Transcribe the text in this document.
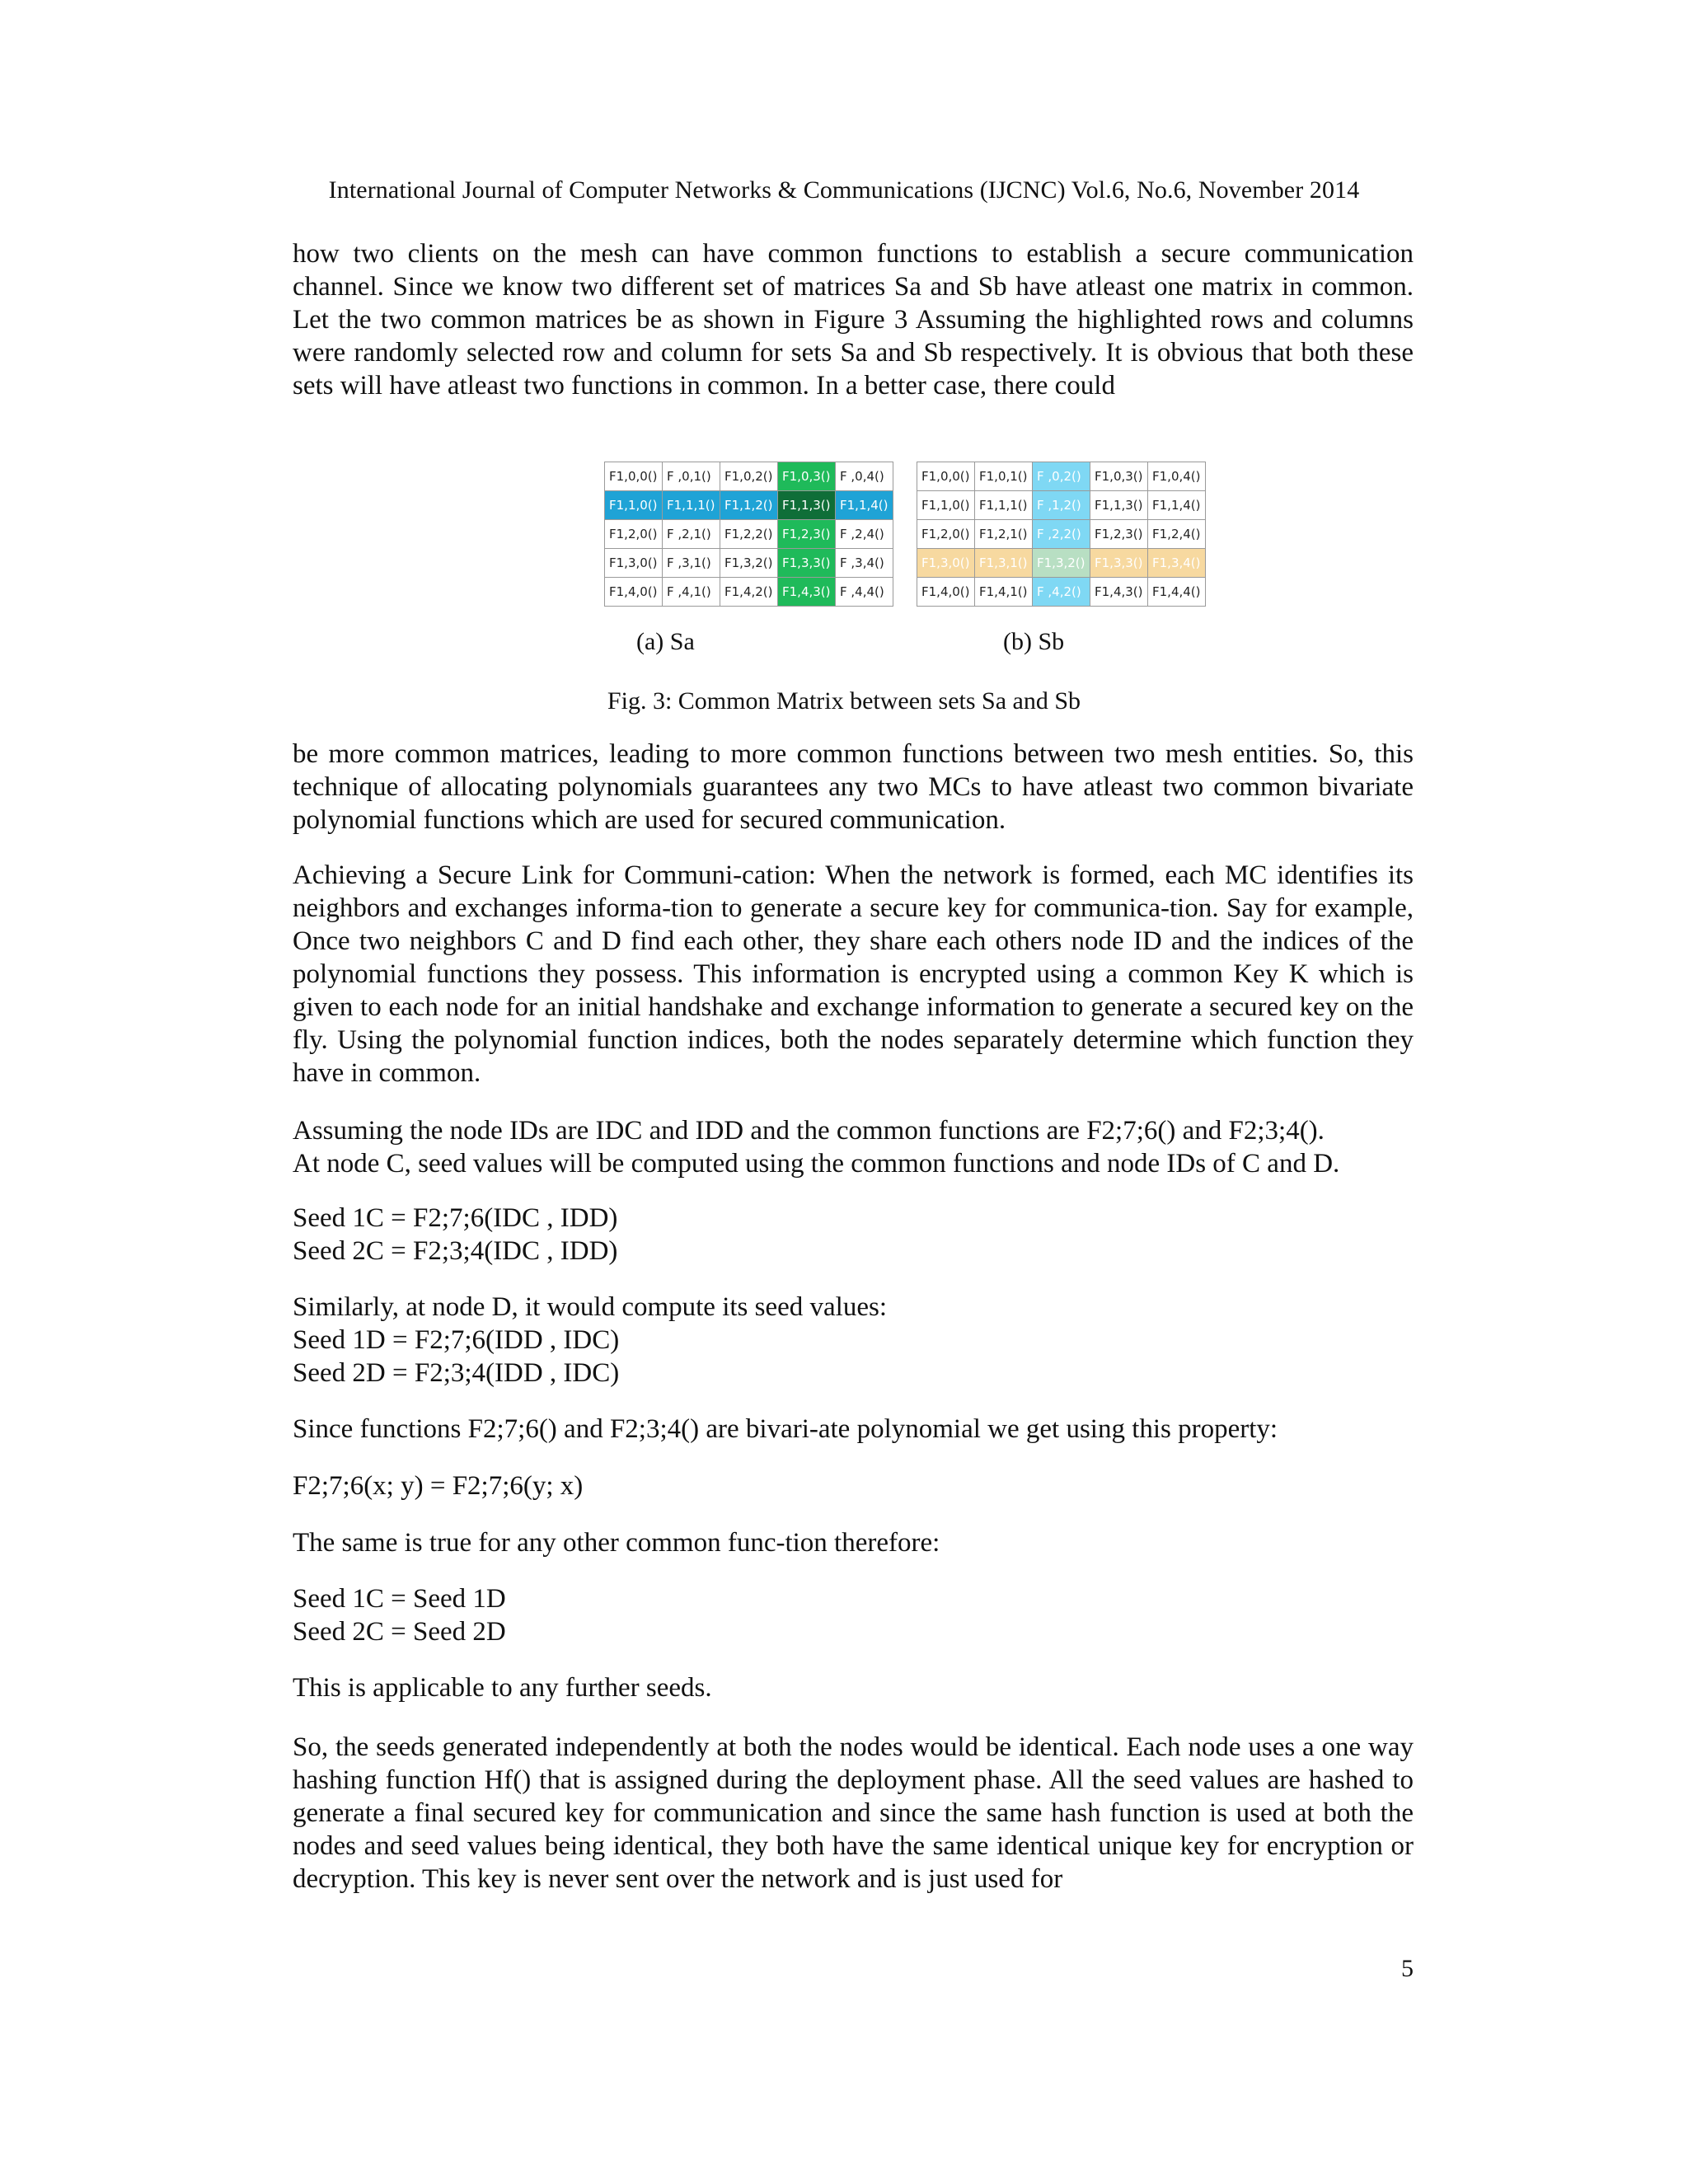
International Journal of Computer Networks & Communications (IJCNC) Vol.6, No.6, November 2014
how two clients on the mesh can have common functions to establish a secure communication channel. Since we know two different set of matrices Sa and Sb have atleast one matrix in common. Let the two common matrices be as shown in Figure 3 Assuming the highlighted rows and columns were randomly selected row and column for sets Sa and Sb respectively. It is obvious that both these sets will have atleast two functions in common. In a better case, there could
F1,0,0()	F ,0,1()	F1,0,2()	F1,0,3()	F ,0,4()
F1,1,0()	F1,1,1()	F1,1,2()	F1,1,3()	F1,1,4()
F1,2,0()	F ,2,1()	F1,2,2()	F1,2,3()	F ,2,4()
F1,3,0()	F ,3,1()	F1,3,2()	F1,3,3()	F ,3,4()
F1,4,0()	F ,4,1()	F1,4,2()	F1,4,3()	F ,4,4()
F1,0,0()	F1,0,1()	F ,0,2()	F1,0,3()	F1,0,4()
F1,1,0()	F1,1,1()	F ,1,2()	F1,1,3()	F1,1,4()
F1,2,0()	F1,2,1()	F ,2,2()	F1,2,3()	F1,2,4()
F1,3,0()	F1,3,1()	F1,3,2()	F1,3,3()	F1,3,4()
F1,4,0()	F1,4,1()	F ,4,2()	F1,4,3()	F1,4,4()
(a) Sa	(b) Sb
Fig. 3: Common Matrix between sets Sa and Sb
be more common matrices, leading to more common functions between two mesh entities. So, this technique of allocating polynomials guarantees any two MCs to have atleast two common bivariate polynomial functions which are used for secured communication.
Achieving a Secure Link for Communi-cation: When the network is formed, each MC identifies its neighbors and exchanges informa-tion to generate a secure key for communica-tion. Say for example, Once two neighbors C and D find each other, they share each others node ID and the indices of the polynomial functions they possess. This information is encrypted using a common Key K which is given to each node for an initial handshake and exchange information to generate a secured key on the fly. Using the polynomial function indices, both the nodes separately determine which function they have in common.
Assuming the node IDs are IDC and IDD and the common functions are F2;7;6() and F2;3;4().
At node C, seed values will be computed using the common functions and node IDs of C and D.
Seed 1C = F2;7;6(IDC , IDD)
Seed 2C = F2;3;4(IDC , IDD)
Similarly, at node D, it would compute its seed values:
Seed 1D = F2;7;6(IDD , IDC)
Seed 2D = F2;3;4(IDD , IDC)
Since functions F2;7;6() and F2;3;4() are bivari-ate polynomial we get using this property:
F2;7;6(x; y) = F2;7;6(y; x)
The same is true for any other common func-tion therefore:
Seed 1C = Seed 1D
Seed 2C = Seed 2D
This is applicable to any further seeds.
So, the seeds generated independently at both the nodes would be identical. Each node uses a one way hashing function Hf() that is assigned during the deployment phase. All the seed values are hashed to generate a final secured key for communication and since the same hash function is used at both the nodes and seed values being identical, they both have the same identical unique key for encryption or decryption. This key is never sent over the network and is just used for
5
